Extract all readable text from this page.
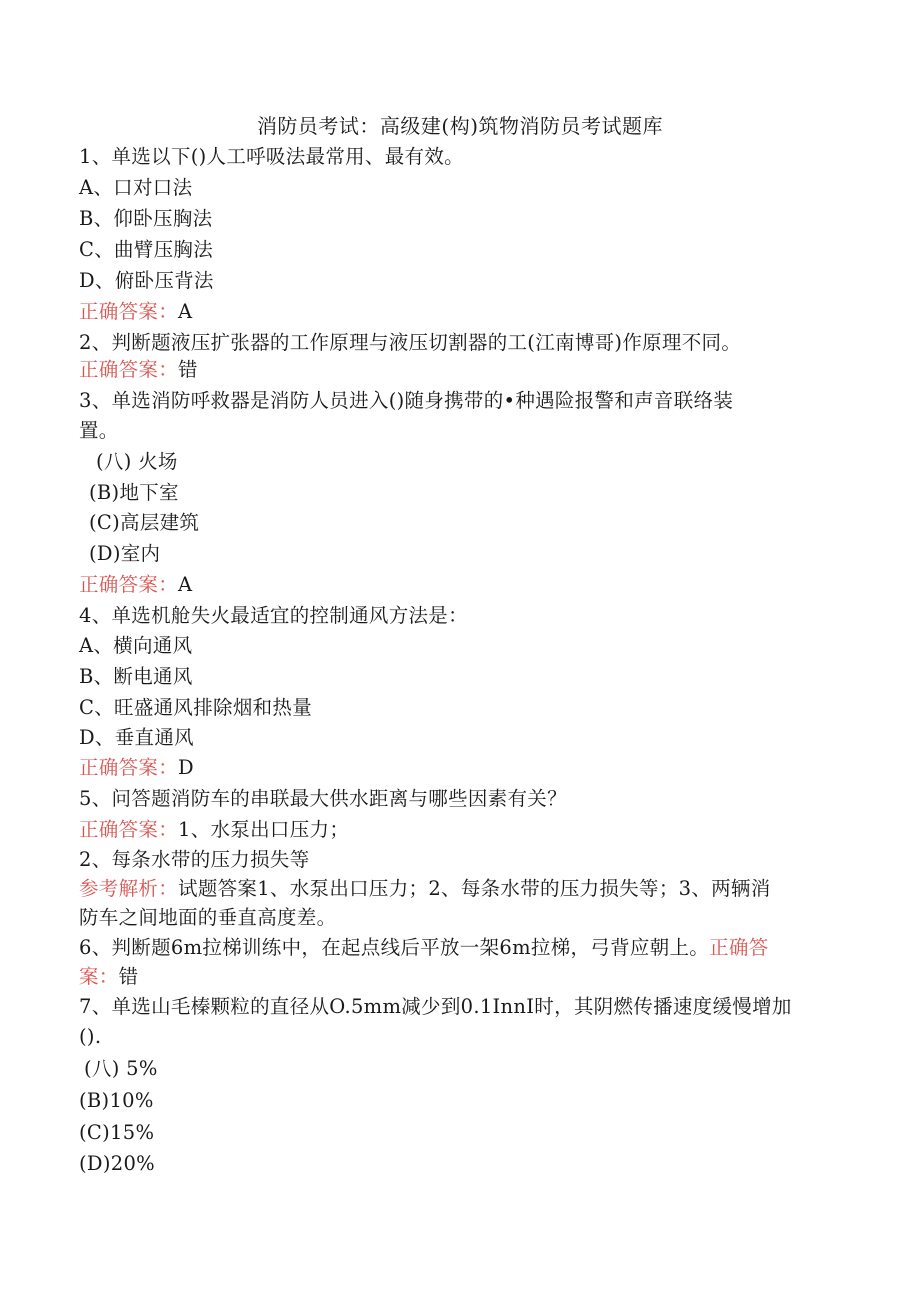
消防员考试：高级建(构)筑物消防员考试题库
1、单选以下()人工呼吸法最常用、最有效。
A、口对口法
B、仰卧压胸法
C、曲臂压胸法
D、俯卧压背法
正确答案：A
2、判断题液压扩张器的工作原理与液压切割器的工(江南博哥)作原理不同。
正确答案：错
3、单选消防呼救器是消防人员进入()随身携带的•种遇险报警和声音联络装
置。
(八) 火场
(B)地下室
(C)高层建筑
(D)室内
正确答案：A
4、单选机舱失火最适宜的控制通风方法是：
A、横向通风
B、断电通风
C、旺盛通风排除烟和热量
D、垂直通风
正确答案：D
5、问答题消防车的串联最大供水距离与哪些因素有关？
正确答案：1、水泵出口压力；
2、每条水带的压力损失等
参考解析：试题答案1、水泵出口压力；2、每条水带的压力损失等；3、两辆消
防车之间地面的垂直高度差。
6、判断题6m拉梯训练中，在起点线后平放一架6m拉梯，弓背应朝上。正确答
案：错
7、单选山毛榛颗粒的直径从O.5mm减少到0.1InnI时，其阴燃传播速度缓慢增加
().
(八) 5%
(B)10%
(C)15%
(D)20%
